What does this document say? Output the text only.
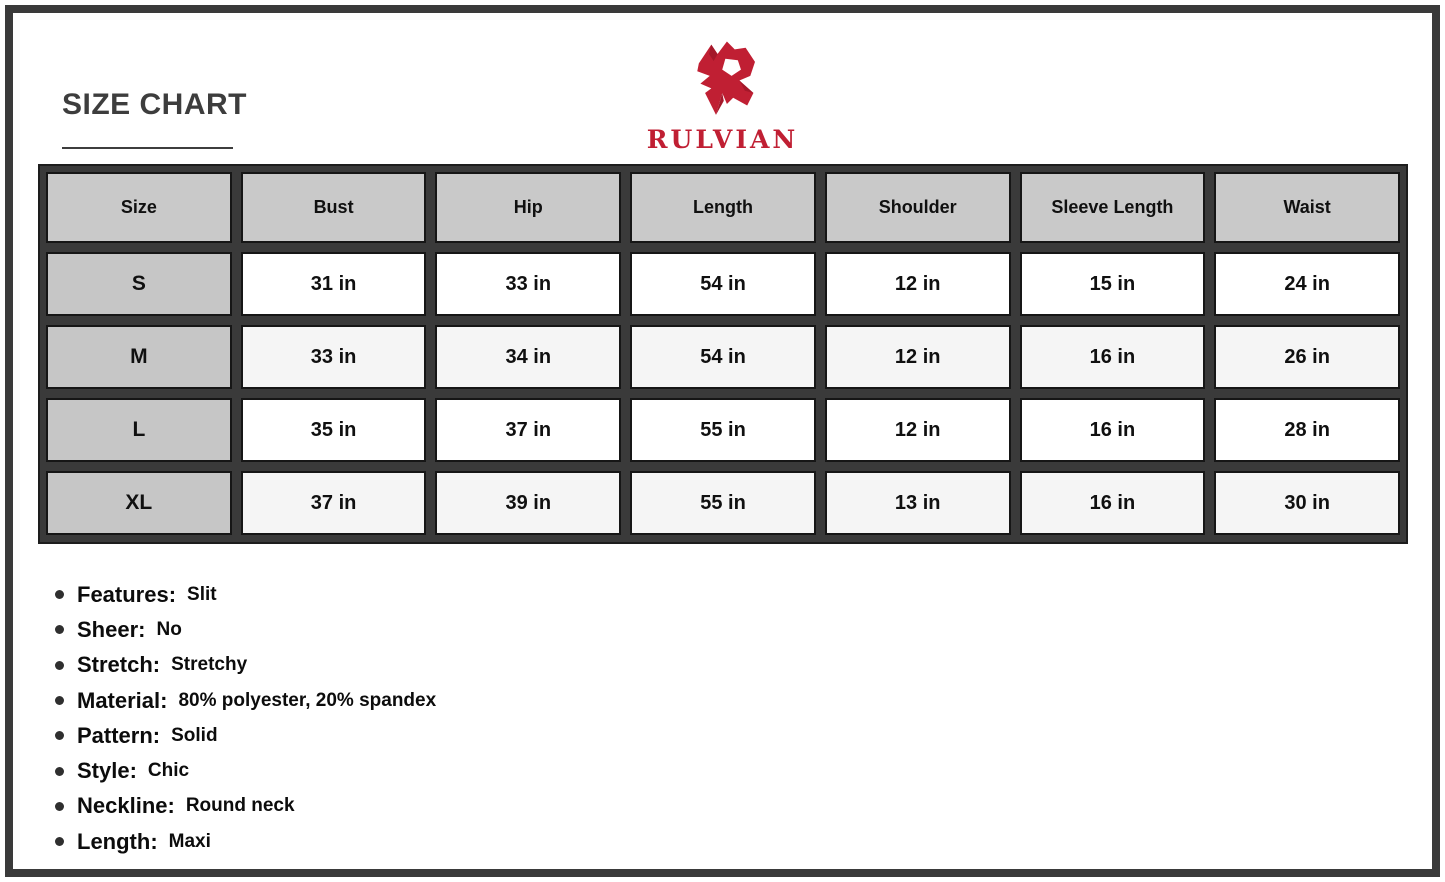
SIZE CHART
RULVIAN
Size	Bust	Hip	Length	Shoulder	Sleeve Length	Waist
S	31 in	33 in	54 in	12 in	15 in	24 in
M	33 in	34 in	54 in	12 in	16 in	26 in
L	35 in	37 in	55 in	12 in	16 in	28 in
XL	37 in	39 in	55 in	13 in	16 in	30 in
Features: Slit
Sheer: No
Stretch: Stretchy
Material: 80% polyester, 20% spandex
Pattern: Solid
Style: Chic
Neckline: Round neck
Length: Maxi
